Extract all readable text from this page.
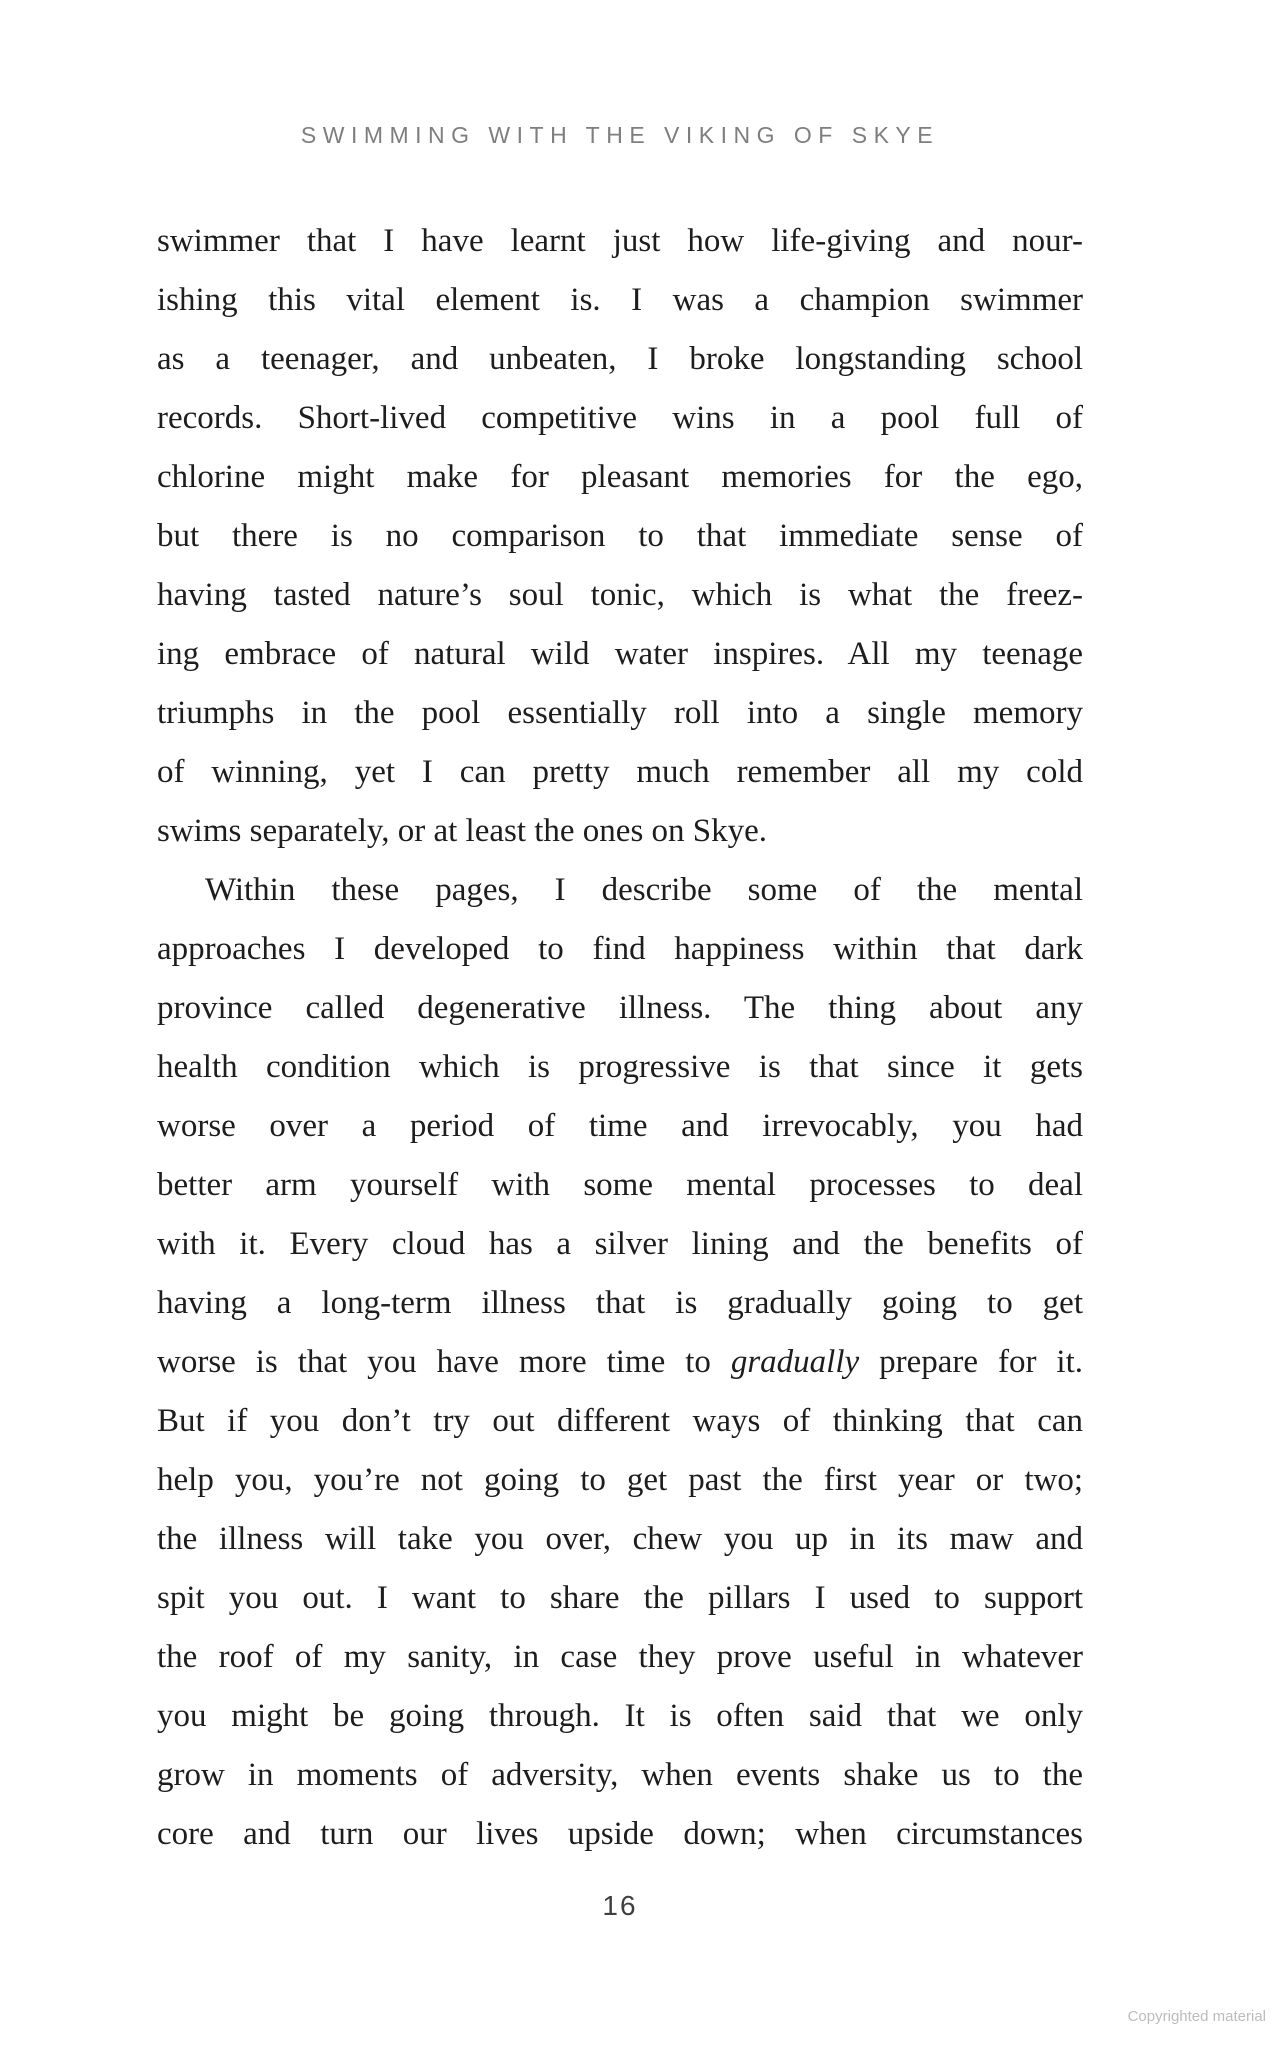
SWIMMING WITH THE VIKING OF SKYE
swimmer that I have learnt just how life-giving and nour-
ishing this vital element is. I was a champion swimmer
as a teenager, and unbeaten, I broke longstanding school
records. Short-lived competitive wins in a pool full of
chlorine might make for pleasant memories for the ego,
but there is no comparison to that immediate sense of
having tasted nature’s soul tonic, which is what the freez-
ing embrace of natural wild water inspires. All my teenage
triumphs in the pool essentially roll into a single memory
of winning, yet I can pretty much remember all my cold
swims separately, or at least the ones on Skye.
Within these pages, I describe some of the mental
approaches I developed to find happiness within that dark
province called degenerative illness. The thing about any
health condition which is progressive is that since it gets
worse over a period of time and irrevocably, you had
better arm yourself with some mental processes to deal
with it. Every cloud has a silver lining and the benefits of
having a long-term illness that is gradually going to get
worse is that you have more time to gradually prepare for it.
But if you don’t try out different ways of thinking that can
help you, you’re not going to get past the first year or two;
the illness will take you over, chew you up in its maw and
spit you out. I want to share the pillars I used to support
the roof of my sanity, in case they prove useful in whatever
you might be going through. It is often said that we only
grow in moments of adversity, when events shake us to the
core and turn our lives upside down; when circumstances
16
Copyrighted material
